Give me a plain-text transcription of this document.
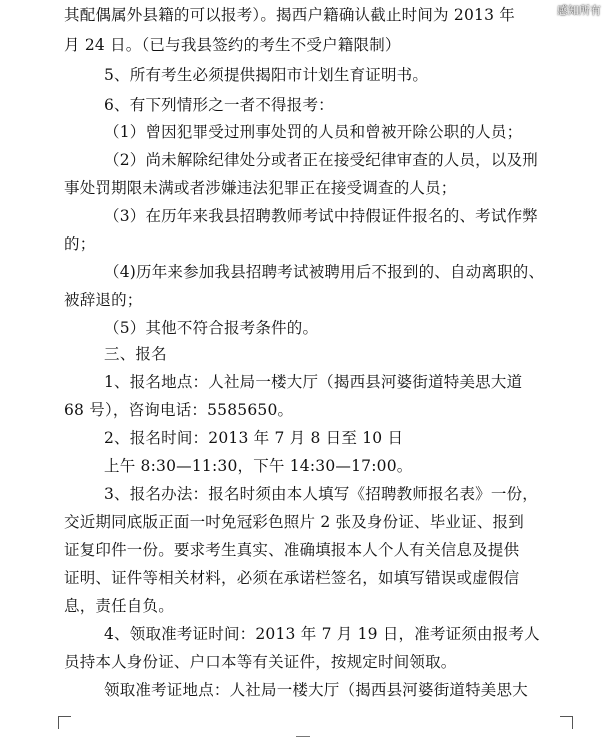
感知所有
其配偶属外县籍的可以报考）。揭西户籍确认截止时间为 2013 年
月 24 日。（已与我县签约的考生不受户籍限制）
5、所有考生必须提供揭阳市计划生育证明书。
6、有下列情形之一者不得报考：
（1）曾因犯罪受过刑事处罚的人员和曾被开除公职的人员；
（2）尚未解除纪律处分或者正在接受纪律审查的人员，以及刑
事处罚期限未满或者涉嫌违法犯罪正在接受调查的人员；
（3）在历年来我县招聘教师考试中持假证件报名的、考试作弊
的；
（4)历年来参加我县招聘考试被聘用后不报到的、自动离职的、
被辞退的；
（5）其他不符合报考条件的。
三、报名
1、报名地点：人社局一楼大厅（揭西县河婆街道特美思大道
68 号），咨询电话：5585650。
2、报名时间：2013 年 7 月 8 日至 10 日
上午 8:30—11:30，下午 14:30—17:00。
3、报名办法：报名时须由本人填写《招聘教师报名表》一份，
交近期同底版正面一吋免冠彩色照片 2 张及身份证、毕业证、报到
证复印件一份。要求考生真实、准确填报本人个人有关信息及提供
证明、证件等相关材料，必须在承诺栏签名，如填写错误或虚假信
息，责任自负。
4、领取准考证时间：2013 年 7 月 19 日，准考证须由报考人
员持本人身份证、户口本等有关证件，按规定时间领取。
领取准考证地点：人社局一楼大厅（揭西县河婆街道特美思大
